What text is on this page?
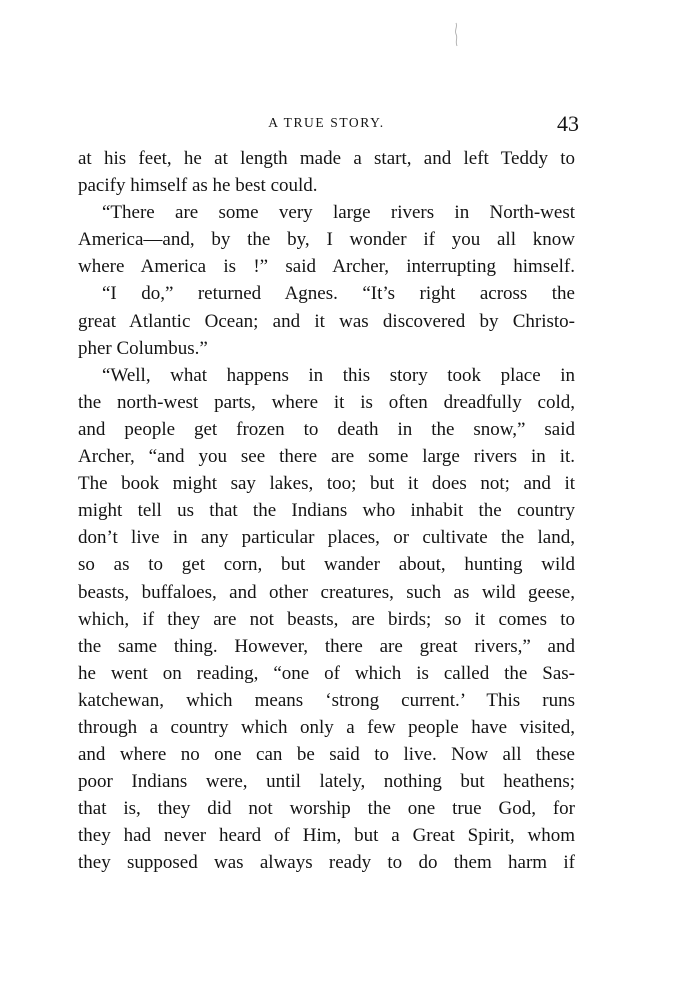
A TRUE STORY.	43
at his feet, he at length made a start, and left Teddy to
pacify himself as he best could.
“There are some very large rivers in North-west
America—and, by the by, I wonder if you all know
where America is !” said Archer, interrupting himself.
“I do,” returned Agnes. “It’s right across the
great Atlantic Ocean; and it was discovered by Christo-
pher Columbus.”
“Well, what happens in this story took place in
the north-west parts, where it is often dreadfully cold,
and people get frozen to death in the snow,” said
Archer, “and you see there are some large rivers in it.
The book might say lakes, too; but it does not; and it
might tell us that the Indians who inhabit the country
don’t live in any particular places, or cultivate the land,
so as to get corn, but wander about, hunting wild
beasts, buffaloes, and other creatures, such as wild geese,
which, if they are not beasts, are birds; so it comes to
the same thing. However, there are great rivers,” and
he went on reading, “one of which is called the Sas-
katchewan, which means ‘strong current.’ This runs
through a country which only a few people have visited,
and where no one can be said to live. Now all these
poor Indians were, until lately, nothing but heathens;
that is, they did not worship the one true God, for
they had never heard of Him, but a Great Spirit, whom
they supposed was always ready to do them harm if
